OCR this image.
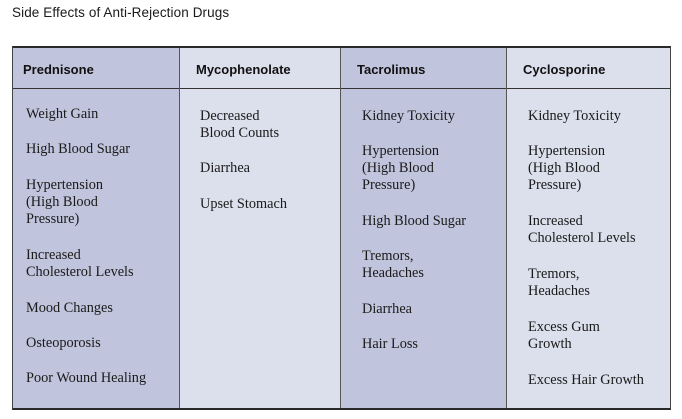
Side Effects of Anti-Rejection Drugs
Prednisone
Weight Gain
High Blood Sugar
Hypertension
(High Blood
Pressure)
Increased
Cholesterol Levels
Mood Changes
Osteoporosis
Poor Wound Healing
Mycophenolate
Decreased
Blood Counts
Diarrhea
Upset Stomach
Tacrolimus
Kidney Toxicity
Hypertension
(High Blood
Pressure)
High Blood Sugar
Tremors,
Headaches
Diarrhea
Hair Loss
Cyclosporine
Kidney Toxicity
Hypertension
(High Blood
Pressure)
Increased
Cholesterol Levels
Tremors,
Headaches
Excess Gum
Growth
Excess Hair Growth
